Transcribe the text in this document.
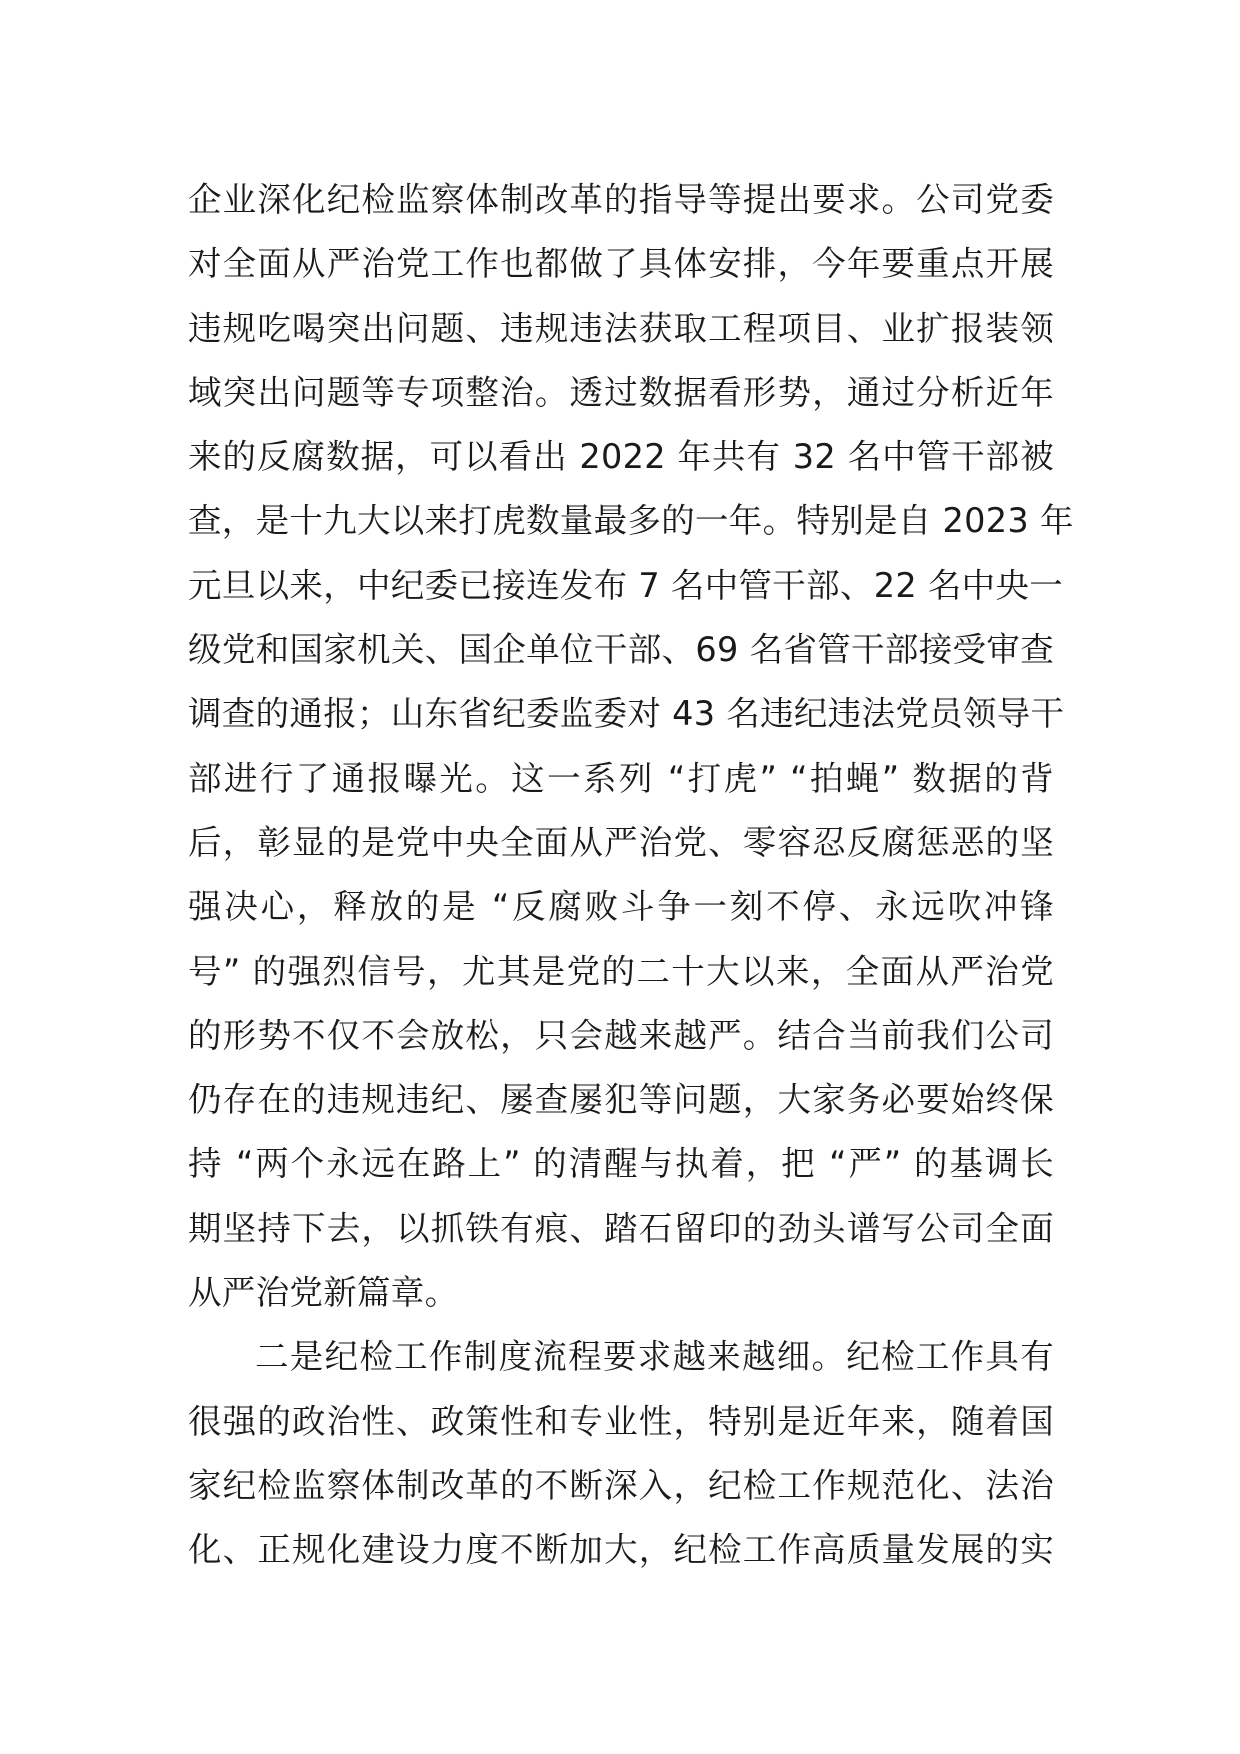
企业深化纪检监察体制改革的指导等提出要求。公司党委
对全面从严治党工作也都做了具体安排，今年要重点开展
违规吃喝突出问题、违规违法获取工程项目、业扩报装领
域突出问题等专项整治。透过数据看形势，通过分析近年
来的反腐数据，可以看出 2022 年共有 32 名中管干部被
查，是十九大以来打虎数量最多的一年。特别是自 2023 年
元旦以来，中纪委已接连发布 7 名中管干部、22 名中央一
级党和国家机关、国企单位干部、69 名省管干部接受审查
调查的通报；山东省纪委监委对 43 名违纪违法党员领导干
部进行了通报曝光。这一系列 “打虎” “拍蝇” 数据的背
后，彰显的是党中央全面从严治党、零容忍反腐惩恶的坚
强决心，释放的是 “反腐败斗争一刻不停、永远吹冲锋
号” 的强烈信号，尤其是党的二十大以来，全面从严治党
的形势不仅不会放松，只会越来越严。结合当前我们公司
仍存在的违规违纪、屡查屡犯等问题，大家务必要始终保
持 “两个永远在路上” 的清醒与执着，把 “严” 的基调长
期坚持下去，以抓铁有痕、踏石留印的劲头谱写公司全面
从严治党新篇章。
二是纪检工作制度流程要求越来越细。纪检工作具有
很强的政治性、政策性和专业性，特别是近年来，随着国
家纪检监察体制改革的不断深入，纪检工作规范化、法治
化、正规化建设力度不断加大，纪检工作高质量发展的实
